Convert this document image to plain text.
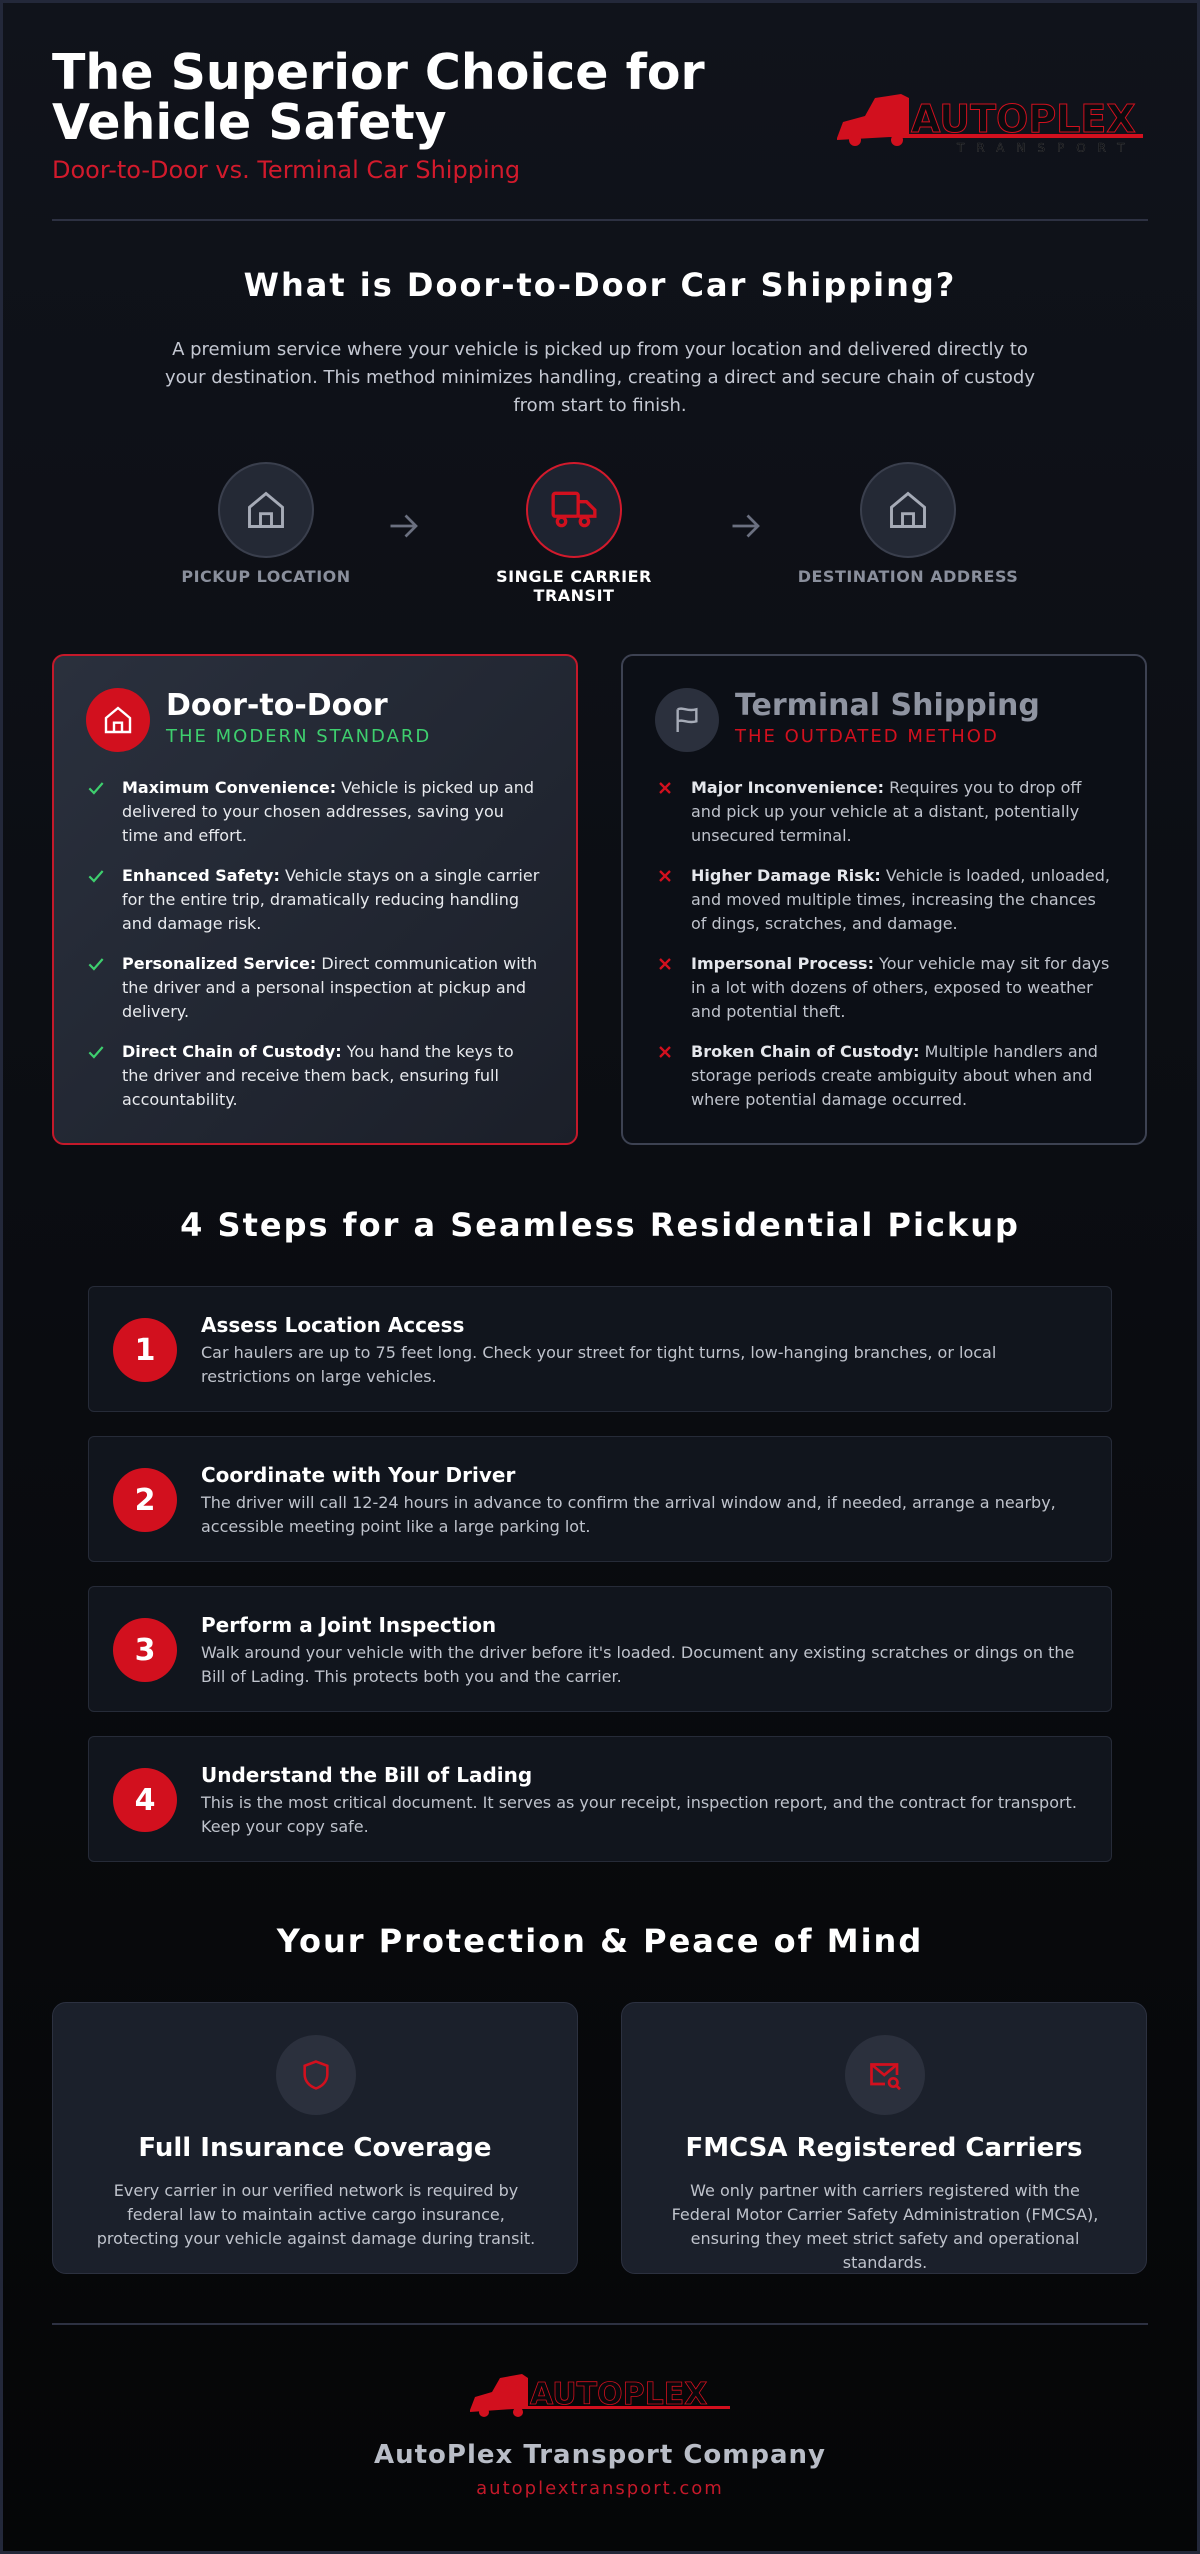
The Superior Choice for Vehicle Safety
Door-to-Door vs. Terminal Car Shipping
AUTOPLEX
TRANSPORT
What is Door-to-Door Car Shipping?
A premium service where your vehicle is picked up from your location and delivered directly to your destination. This method minimizes handling, creating a direct and secure chain of custody from start to finish.
PICKUP LOCATION	SINGLE CARRIER TRANSIT
DESTINATION ADDRESS
Door-to-Door
THE MODERN STANDARD
Maximum Convenience: Vehicle is picked up and delivered to your chosen addresses, saving you time and effort.
Enhanced Safety: Vehicle stays on a single carrier for the entire trip, dramatically reducing handling and damage risk.
Personalized Service: Direct communication with the driver and a personal inspection at pickup and delivery.
Direct Chain of Custody: You hand the keys to the driver and receive them back, ensuring full accountability.
Terminal Shipping
THE OUTDATED METHOD
Major Inconvenience: Requires you to drop off and pick up your vehicle at a distant, potentially unsecured terminal.
Higher Damage Risk: Vehicle is loaded, unloaded, and moved multiple times, increasing the chances of dings, scratches, and damage.
Impersonal Process: Your vehicle may sit for days in a lot with dozens of others, exposed to weather and potential theft.
Broken Chain of Custody: Multiple handlers and storage periods create ambiguity about when and where potential damage occurred.
4 Steps for a Seamless Residential Pickup
1
Assess Location Access
Car haulers are up to 75 feet long. Check your street for tight turns, low-hanging branches, or local restrictions on large vehicles.
2
Coordinate with Your Driver
The driver will call 12-24 hours in advance to confirm the arrival window and, if needed, arrange a nearby, accessible meeting point like a large parking lot.
3
Perform a Joint Inspection
Walk around your vehicle with the driver before it's loaded. Document any existing scratches or dings on the Bill of Lading. This protects both you and the carrier.
4
Understand the Bill of Lading
This is the most critical document. It serves as your receipt, inspection report, and the contract for transport. Keep your copy safe.
Your Protection & Peace of Mind
Full Insurance Coverage
Every carrier in our verified network is required by federal law to maintain active cargo insurance, protecting your vehicle against damage during transit.
FMCSA Registered Carriers
We only partner with carriers registered with the Federal Motor Carrier Safety Administration (FMCSA), ensuring they meet strict safety and operational standards.
AUTOPLEX
AutoPlex Transport Company
autoplextransport.com
